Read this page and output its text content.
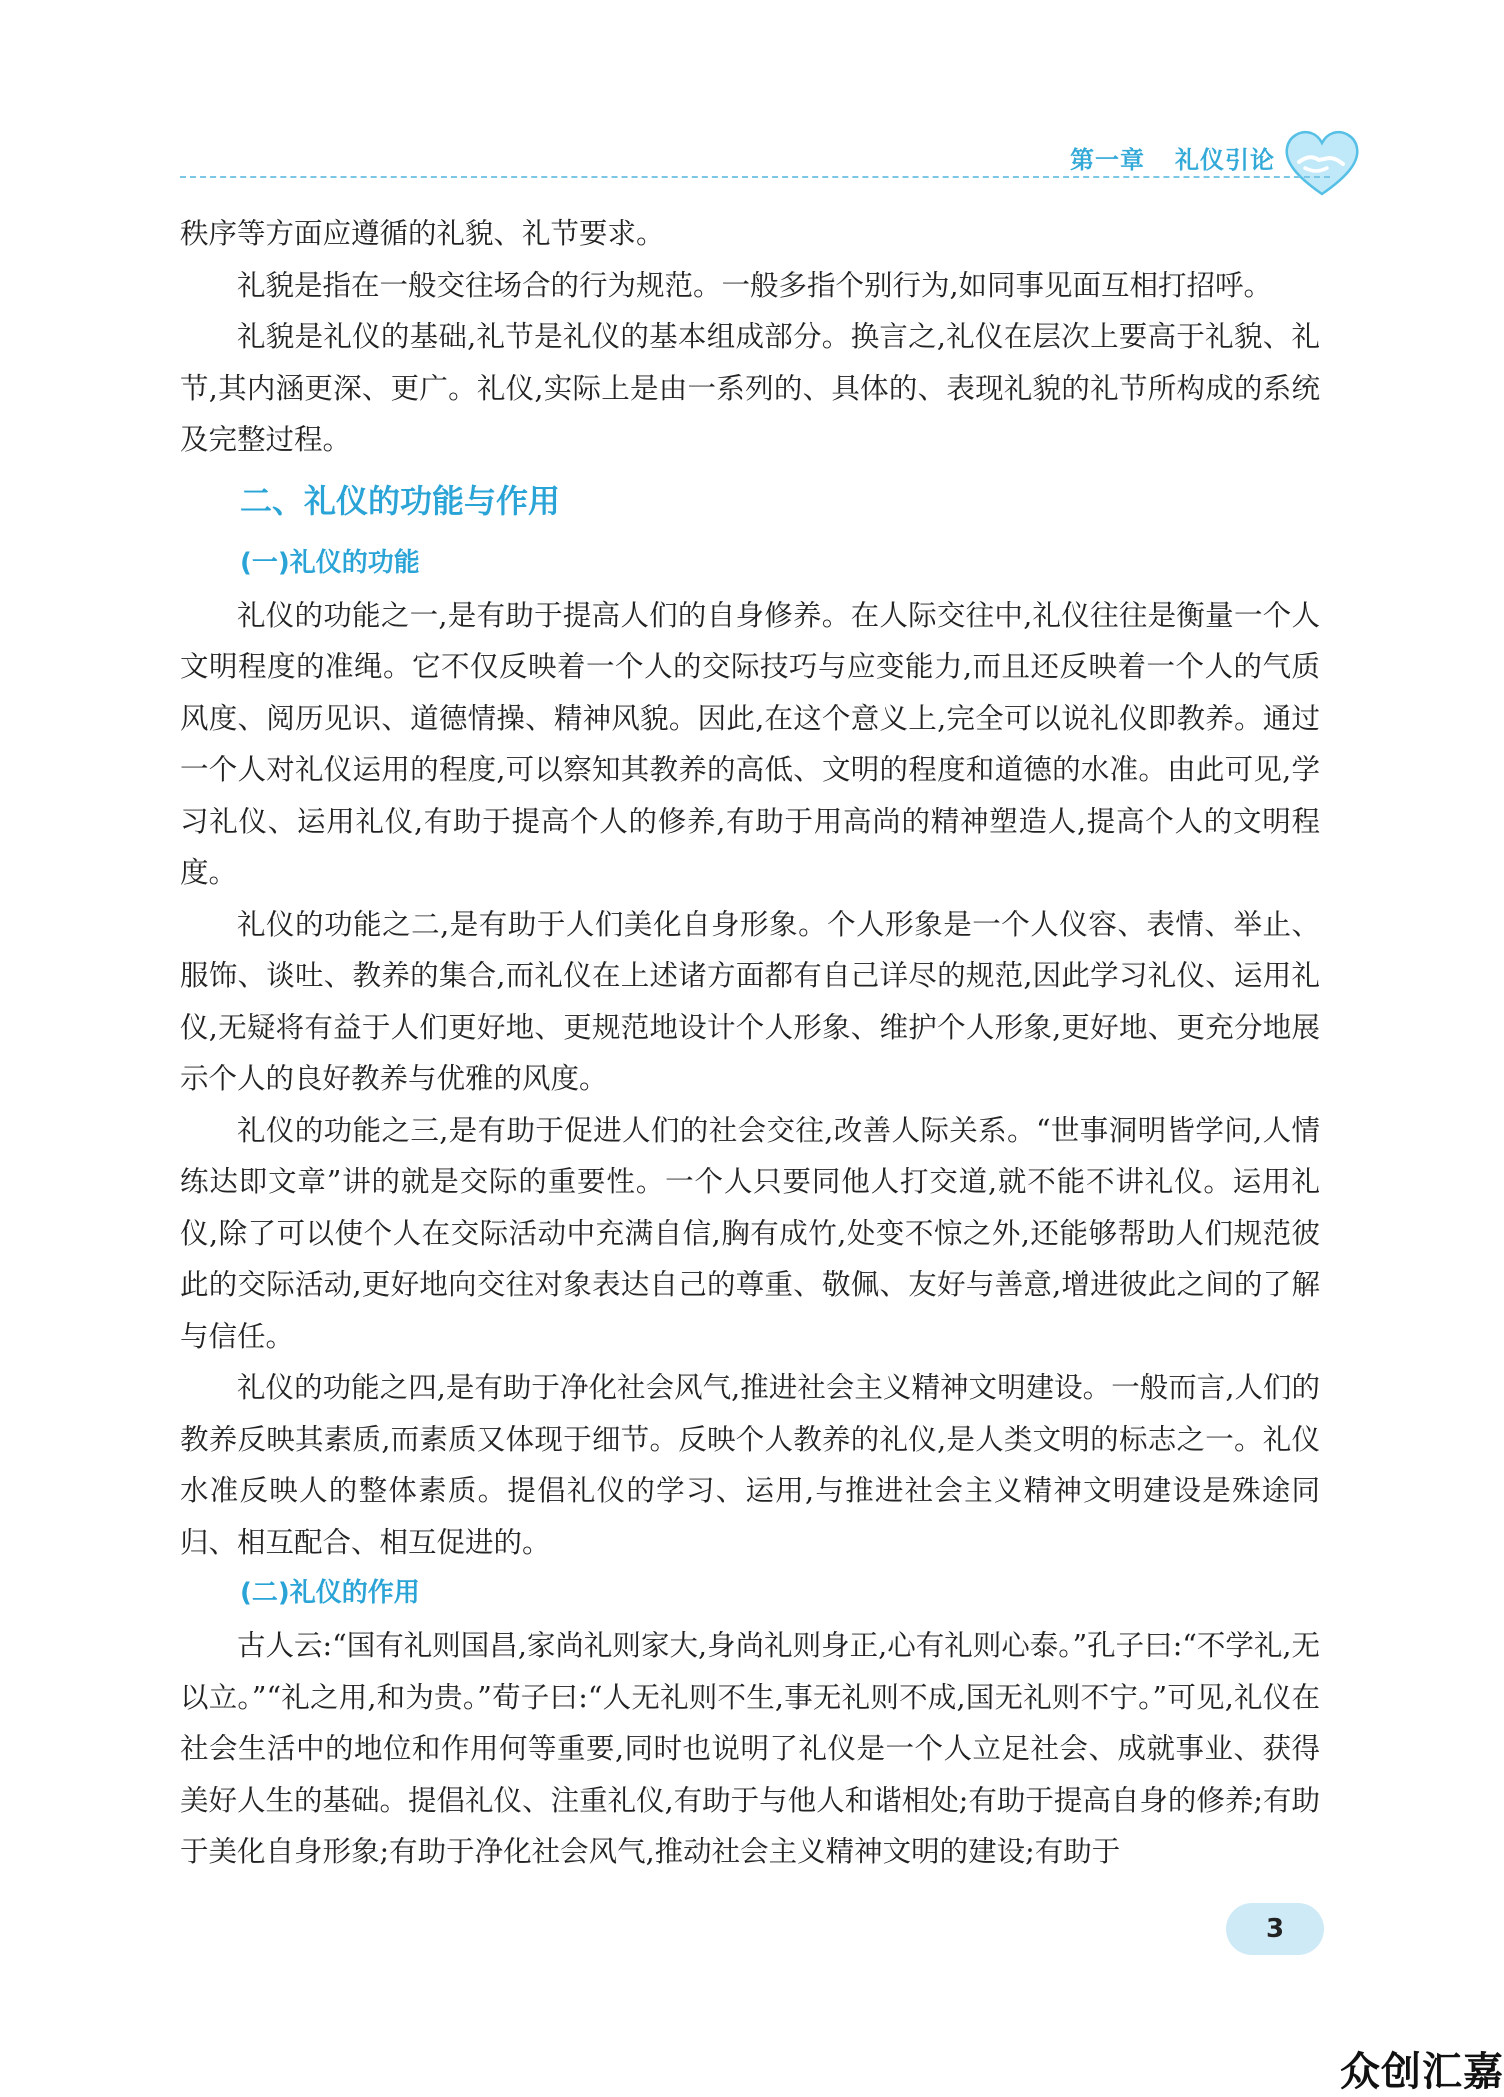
第一章 礼仪引论

秩序等方面应遵循的礼貌、礼节要求。

礼貌是指在一般交往场合的行为规范。一般多指个别行为,如同事见面互相打招呼。

礼貌是礼仪的基础,礼节是礼仪的基本组成部分。换言之,礼仪在层次上要高于礼貌、礼节,其内涵更深、更广。礼仪,实际上是由一系列的、具体的、表现礼貌的礼节所构成的系统及完整过程。

二、礼仪的功能与作用
(一)礼仪的功能

礼仪的功能之一,是有助于提高人们的自身修养。在人际交往中,礼仪往往是衡量一个人文明程度的准绳。它不仅反映着一个人的交际技巧与应变能力,而且还反映着一个人的气质风度、阅历见识、道德情操、精神风貌。因此,在这个意义上,完全可以说礼仪即教养。通过一个人对礼仪运用的程度,可以察知其教养的高低、文明的程度和道德的水准。由此可见,学习礼仪、运用礼仪,有助于提高个人的修养,有助于用高尚的精神塑造人,提高个人的文明程度。

礼仪的功能之二,是有助于人们美化自身形象。个人形象是一个人仪容、表情、举止、服饰、谈吐、教养的集合,而礼仪在上述诸方面都有自己详尽的规范,因此学习礼仪、运用礼仪,无疑将有益于人们更好地、更规范地设计个人形象、维护个人形象,更好地、更充分地展示个人的良好教养与优雅的风度。

礼仪的功能之三,是有助于促进人们的社会交往,改善人际关系。“世事洞明皆学问,人情练达即文章”讲的就是交际的重要性。一个人只要同他人打交道,就不能不讲礼仪。运用礼仪,除了可以使个人在交际活动中充满自信,胸有成竹,处变不惊之外,还能够帮助人们规范彼此的交际活动,更好地向交往对象表达自己的尊重、敬佩、友好与善意,增进彼此之间的了解与信任。

礼仪的功能之四,是有助于净化社会风气,推进社会主义精神文明建设。一般而言,人们的教养反映其素质,而素质又体现于细节。反映个人教养的礼仪,是人类文明的标志之一。礼仪水准反映人的整体素质。提倡礼仪的学习、运用,与推进社会主义精神文明建设是殊途同归、相互配合、相互促进的。

(二)礼仪的作用

古人云:“国有礼则国昌,家尚礼则家大,身尚礼则身正,心有礼则心泰。”孔子曰:“不学礼,无以立。”“礼之用,和为贵。”荀子曰:“人无礼则不生,事无礼则不成,国无礼则不宁。”可见,礼仪在社会生活中的地位和作用何等重要,同时也说明了礼仪是一个人立足社会、成就事业、获得美好人生的基础。提倡礼仪、注重礼仪,有助于与他人和谐相处;有助于提高自身的修养;有助于美化自身形象;有助于净化社会风气,推动社会主义精神文明的建设;有助于

3
众创汇嘉
